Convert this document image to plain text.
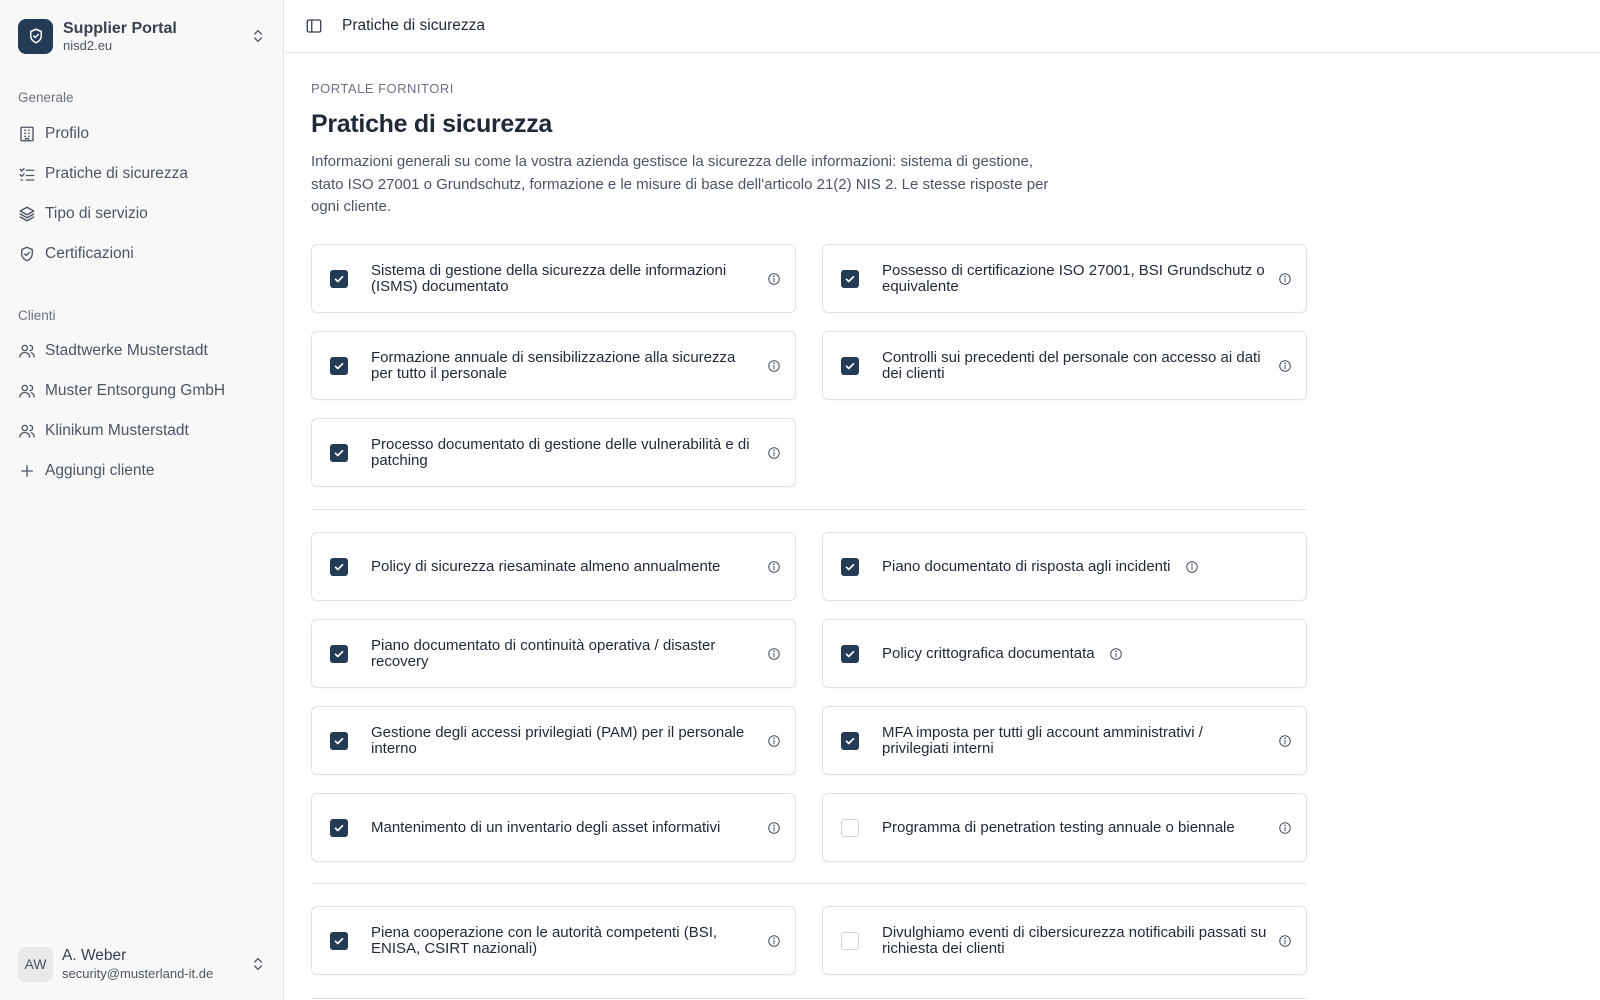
Supplier Portal
nisd2.eu
Generale
Profilo
Pratiche di sicurezza
Tipo di servizio
Certificazioni
Clienti
Stadtwerke Musterstadt
Muster Entsorgung GmbH
Klinikum Musterstadt
Aggiungi cliente
AW A. Weber
security@musterland-it.de
Pratiche di sicurezza
PORTALE FORNITORI
Pratiche di sicurezza

Informazioni generali su come la vostra azienda gestisce la sicurezza delle informazioni: sistema di gestione, stato ISO 27001 o Grundschutz, formazione e le misure di base dell'articolo 21(2) NIS 2. Le stesse risposte per ogni cliente.

Sistema di gestione della sicurezza delle informazioni (ISMS) documentato
Possesso di certificazione ISO 27001, BSI Grundschutz o equivalente
Formazione annuale di sensibilizzazione alla sicurezza per tutto il personale
Controlli sui precedenti del personale con accesso ai dati dei clienti
Processo documentato di gestione delle vulnerabilità e di patching
Policy di sicurezza riesaminate almeno annualmente	Piano documentato di risposta agli incidenti
Piano documentato di continuità operativa / disaster recovery	Policy crittografica documentata
Gestione degli accessi privilegiati (PAM) per il personale interno
MFA imposta per tutti gli account amministrativi / privilegiati interni
Mantenimento di un inventario degli asset informativi	Programma di penetration testing annuale o biennale
Piena cooperazione con le autorità competenti (BSI, ENISA, CSIRT nazionali)
Divulghiamo eventi di cibersicurezza notificabili passati su richiesta dei clienti
